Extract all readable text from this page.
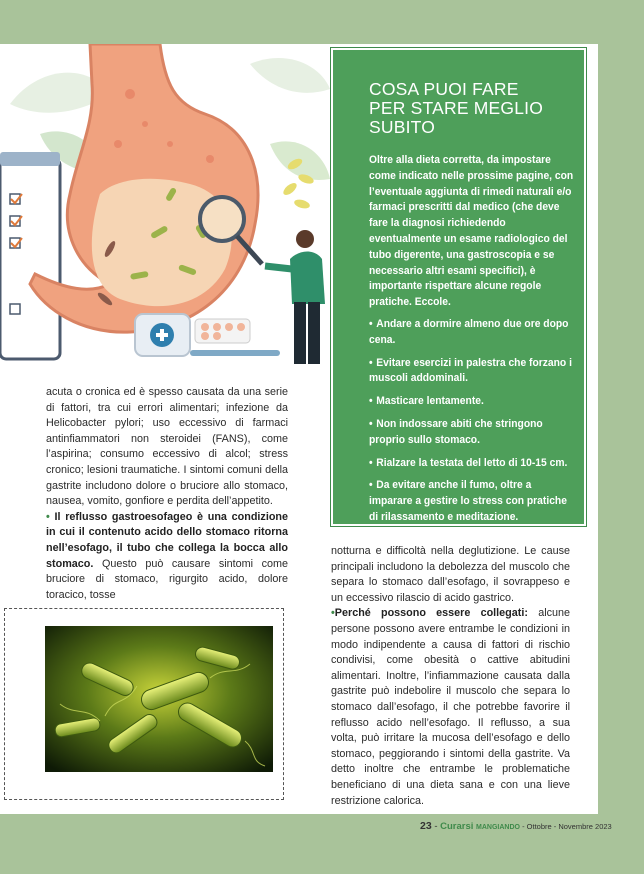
COSA PUOI FARE
PER STARE MEGLIO SUBITO

Oltre alla dieta corretta, da impostare come indicato nelle prossime pagine, con l’eventuale aggiunta di rimedi naturali e/o farmaci prescritti dal medico (che deve fare la diagnosi richiedendo eventualmente un esame radiologico del tubo digerente, una gastroscopia e se necessario altri esami specifici), è importante rispettare alcune regole pratiche. Eccole.

• Andare a dormire almeno due ore dopo cena.
• Evitare esercizi in palestra che forzano i muscoli addominali.
• Masticare lentamente.
• Non indossare abiti che stringono proprio sullo stomaco.
• Rialzare la testata del letto di 10-15 cm.
• Da evitare anche il fumo, oltre a imparare a gestire lo stress con pratiche di rilassamento e meditazione.

acuta o cronica ed è spesso causata da una serie di fattori, tra cui errori alimentari; infezione da Helicobacter pylori; uso eccessivo di farmaci antinfiammatori non steroidei (FANS), come l’aspirina; consumo eccessivo di alcol; stress cronico; lesioni traumatiche. I sintomi comuni della gastrite includono dolore o bruciore allo stomaco, nausea, vomito, gonfiore e perdita dell’appetito.

• Il reflusso gastroesofageo è una condizione in cui il contenuto acido dello stomaco ritorna nell’esofago, il tubo che collega la bocca allo stomaco. Questo può causare sintomi come bruciore di stomaco, rigurgito acido, dolore toracico, tosse

notturna e difficoltà nella deglutizione. Le cause principali includono la debolezza del muscolo che separa lo stomaco dall’esofago, il sovrappeso e un eccessivo rilascio di acido gastrico.

•Perché possono essere collegati: alcune persone possono avere entrambe le condizioni in modo indipendente a causa di fattori di rischio condivisi, come obesità o cattive abitudini alimentari. Inoltre, l’infiammazione causata dalla gastrite può indebolire il muscolo che separa lo stomaco dall’esofago, il che potrebbe favorire il reflusso acido nell’esofago. Il reflusso, a sua volta, può irritare la mucosa dell’esofago e dello stomaco, peggiorando i sintomi della gastrite. Va detto inoltre che entrambe le problematiche beneficiano di una dieta sana e con una lieve restrizione calorica.

23 - Curarsi MANGIANDO - Ottobre - Novembre 2023
